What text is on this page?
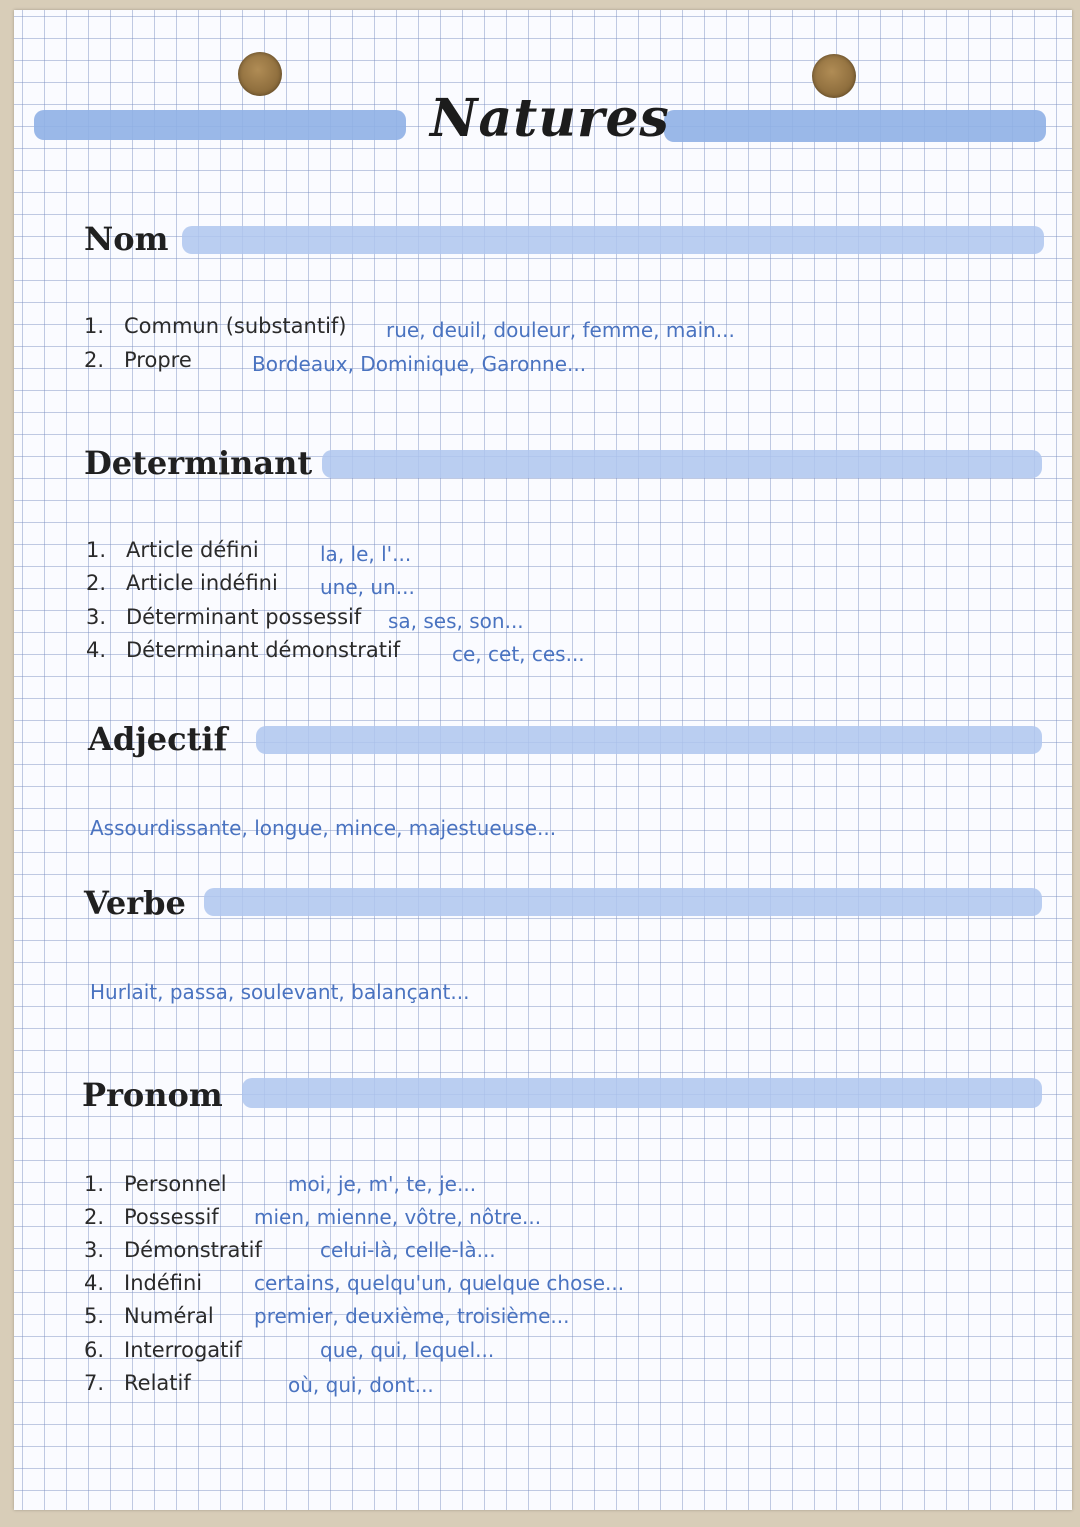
Natures
Nom
1. Commun (substantif) rue, deuil, douleur, femme, main...
2. Propre	Bordeaux, Dominique, Garonne...
Determinant
1. Article défini	la, le, l'...
2. Article indéfini une, un...
3. Déterminant possessif sa, ses, son...
4. Déterminant démonstratif	ce, cet, ces...
Adjectif
Assourdissante, longue, mince, majestueuse...
Verbe
Hurlait, passa, soulevant, balançant...
Pronom
1. Personnel	moi, je, m', te, je...
2. Possessif mien, mienne, vôtre, nôtre...
3. Démonstratif	celui-là, celle-là...
4. Indéfini	certains, quelqu'un, quelque chose...
5. Numéral premier, deuxième, troisième...
6. Interrogatif	que, qui, lequel...
7. Relatif	où, qui, dont...
